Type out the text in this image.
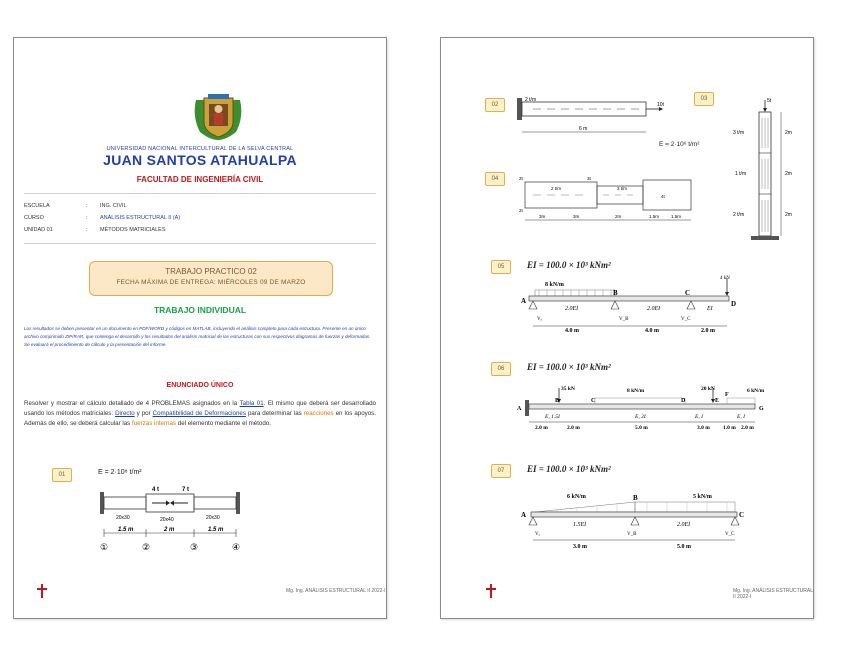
UNIVERSIDAD NACIONAL INTERCULTURAL DE LA SELVA CENTRAL
JUAN SANTOS ATAHUALPA
FACULTAD DE INGENIERÍA CIVIL
ESCUELA	: ING. CIVIL
CURSO	: ANÁLISIS ESTRUCTURAL II (A)
UNIDAD 01	: MÉTODOS MATRICIALES
TRABAJO PRACTICO 02
FECHA MÁXIMA DE ENTREGA: MIÉRCOLES 09 DE MARZO
TRABAJO INDIVIDUAL
Los resultados se deben presentar en un documento en PDF/WORD y códigos en MATLAB, incluyendo el análisis completo para cada estructura. Presente en un único archivo comprimido ZIP/RAR, que contenga el desarrollo y los resultados del análisis matricial de las estructuras con sus respectivos diagramas de fuerzas y deformadas. Se evaluará el procedimiento de cálculo y la presentación del informe.
ENUNCIADO ÚNICO
Resolver y mostrar el cálculo detallado de 4 PROBLEMAS asignados en la Tabla 01. El mismo que deberá ser desarrollado usando los métodos matriciales: Directo y por Compatibilidad de Deformaciones para determinar las reacciones en los apoyos. Además de ello, se deberá calcular las fuerzas internas del elemento mediante el método.
01	E = 2·10⁸ t/m²
4 t	7 t
20x30	20x40	20x30
1.5 m	2 m	1.5 m
①	②	③	④
Mg. Ing. ANÁLISIS ESTRUCTURAL II 2022-I
02
2 t/m
10t
6 m
03	5t
3 t/m
1 t/m
2 t/m
2m
2m
2m
E = 2·10⁶ t/m²
04
2 t/m	3 t/m
3t
4t
2t
2t
3m	3m	2m	1.5m	1.5m
05	EI = 100.0 × 10³ kNm²
8 kN/m
4 kN
A
B	C
D
2.0EI	2.0EI	EI
Vₐ	V_B	V_C
4.0 m	4.0 m	2.0 m
06	EI = 100.0 × 10³ kNm²
35 kN	8 kN/m	20 kN	6 kN/m
A
B	C	D	E
F
G
E, 1.5I	E, 2I	E, I	E, I
2.0 m	2.0 m	5.0 m	3.0 m 1.0 m 2.0 m
07	EI = 100.0 × 10³ kNm²
6 kN/m	5 kN/m
A
B
C
1.5EI	2.0EI
Vₐ	V_B	V_C
3.0 m	5.0 m
Mg. Ing. ANÁLISIS ESTRUCTURAL II 2022-I
